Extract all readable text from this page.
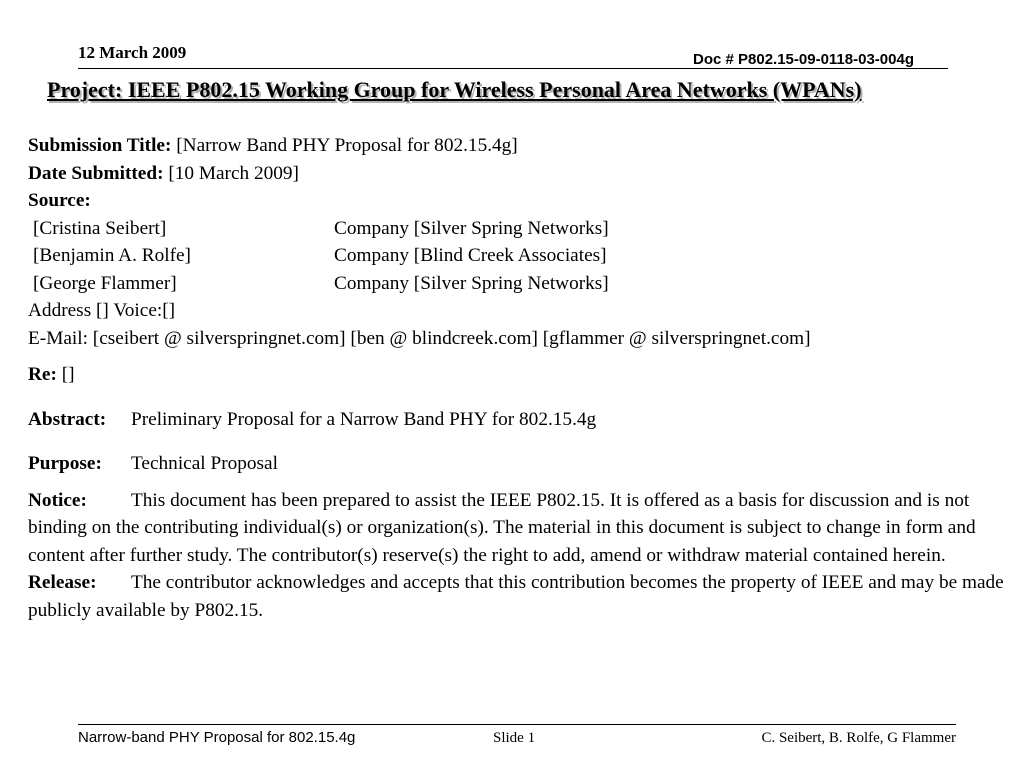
12 March 2009	Doc # P802.15-09-0118-03-004g
Project: IEEE P802.15 Working Group for Wireless Personal Area Networks (WPANs)
Submission Title: [Narrow Band PHY Proposal for 802.15.4g]
Date Submitted: [10 March 2009]
Source:
[Cristina Seibert]	Company [Silver Spring Networks]
[Benjamin A. Rolfe]	Company [Blind Creek Associates]
[George Flammer]	Company [Silver Spring Networks]
Address [] Voice:[]
E-Mail: [cseibert @ silverspringnet.com] [ben @ blindcreek.com] [gflammer @ silverspringnet.com]
Re: []
Abstract: Preliminary Proposal for a Narrow Band PHY for 802.15.4g
Purpose: Technical Proposal
Notice: This document has been prepared to assist the IEEE P802.15. It is offered as a basis for discussion and is not binding on the contributing individual(s) or organization(s). The material in this document is subject to change in form and content after further study. The contributor(s) reserve(s) the right to add, amend or withdraw material contained herein.
Release: The contributor acknowledges and accepts that this contribution becomes the property of IEEE and may be made publicly available by P802.15.
Narrow-band PHY Proposal for 802.15.4g	Slide 1	C. Seibert, B. Rolfe, G Flammer
